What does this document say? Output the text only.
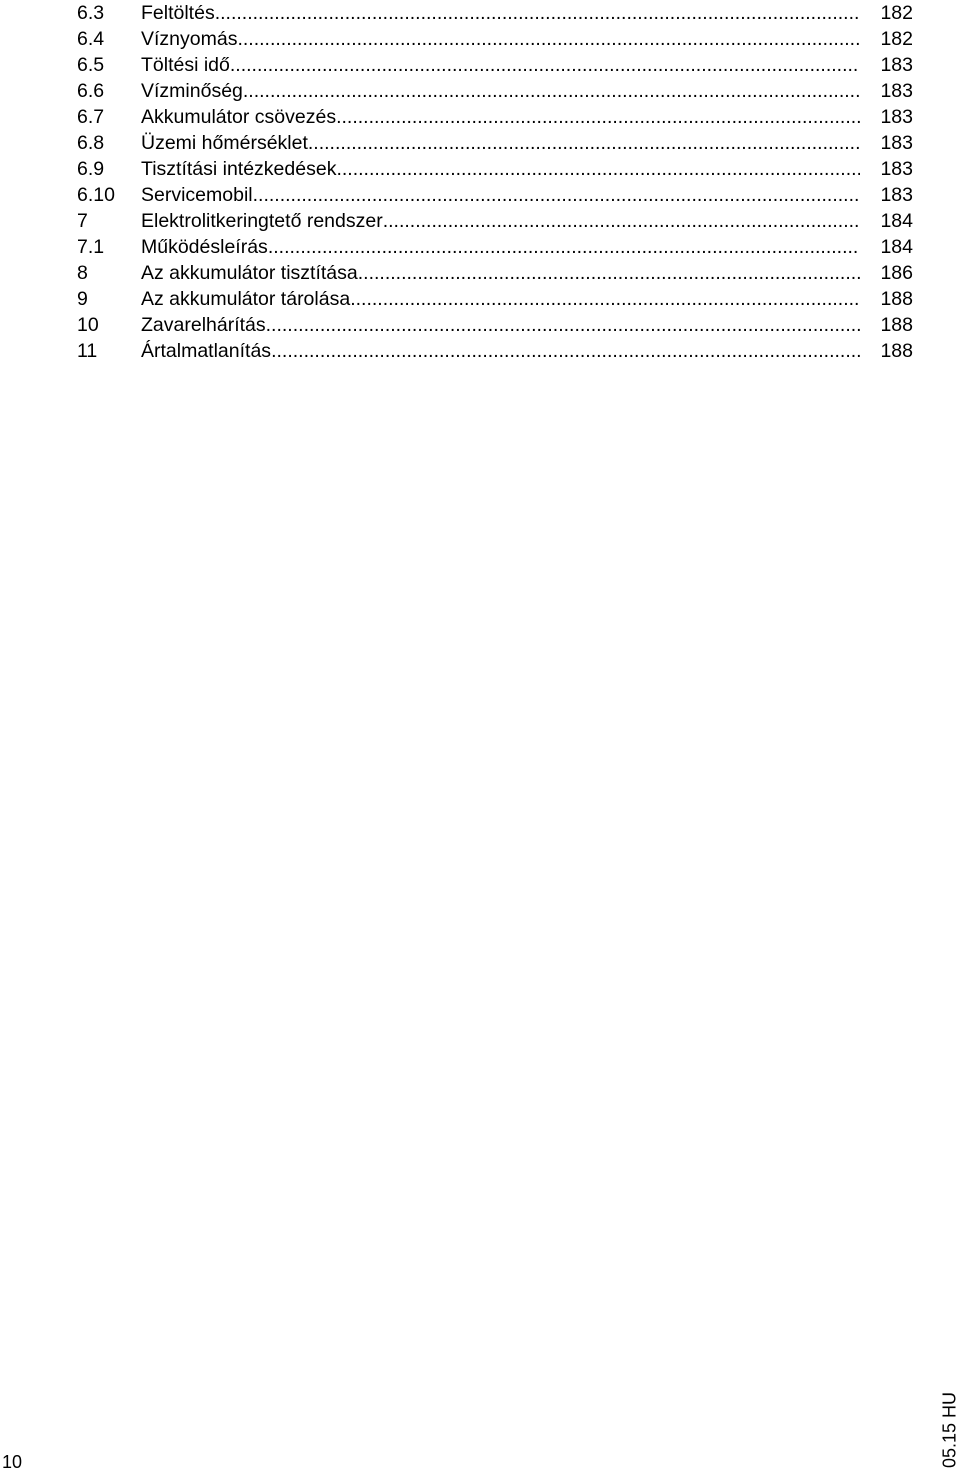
6.3	Feltöltés .....	182
6.4	Víznyomás .....	182
6.5	Töltési idő .....	183
6.6	Vízminőség .....	183
6.7	Akkumulátor csövezés .....	183
6.8	Üzemi hőmérséklet .....	183
6.9	Tisztítási intézkedések .....	183
6.10	Servicemobil .....	183
7	Elektrolitkeringtető rendszer .....	184
7.1	Működésleírás .....	184
8	Az akkumulátor tisztítása .....	186
9	Az akkumulátor tárolása .....	188
10	Zavarelhárítás .....	188
11	Ártalmatlanítás .....	188
05.15 HU
10
